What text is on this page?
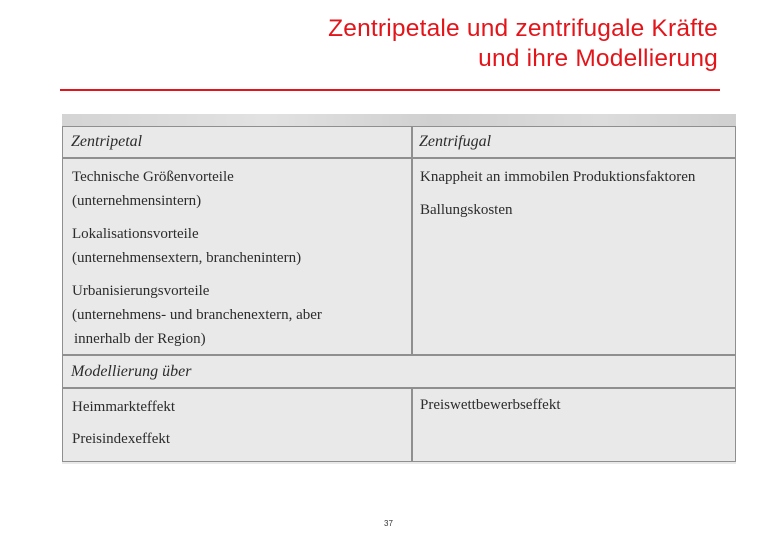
Zentripetale und zentrifugale Kräfte
und ihre Modellierung
Zentripetal	Zentrifugal
Technische Größenvorteile
(unternehmensintern)
Lokalisationsvorteile
(unternehmensextern, branchenintern)
Urbanisierungsvorteile
(unternehmens- und branchenextern, aber
innerhalb der Region)
Knappheit an immobilen Produktionsfaktoren
Ballungskosten
Modellierung über
Heimmarkteffekt
Preisindexeffekt
Preiswettbewerbseffekt
37
